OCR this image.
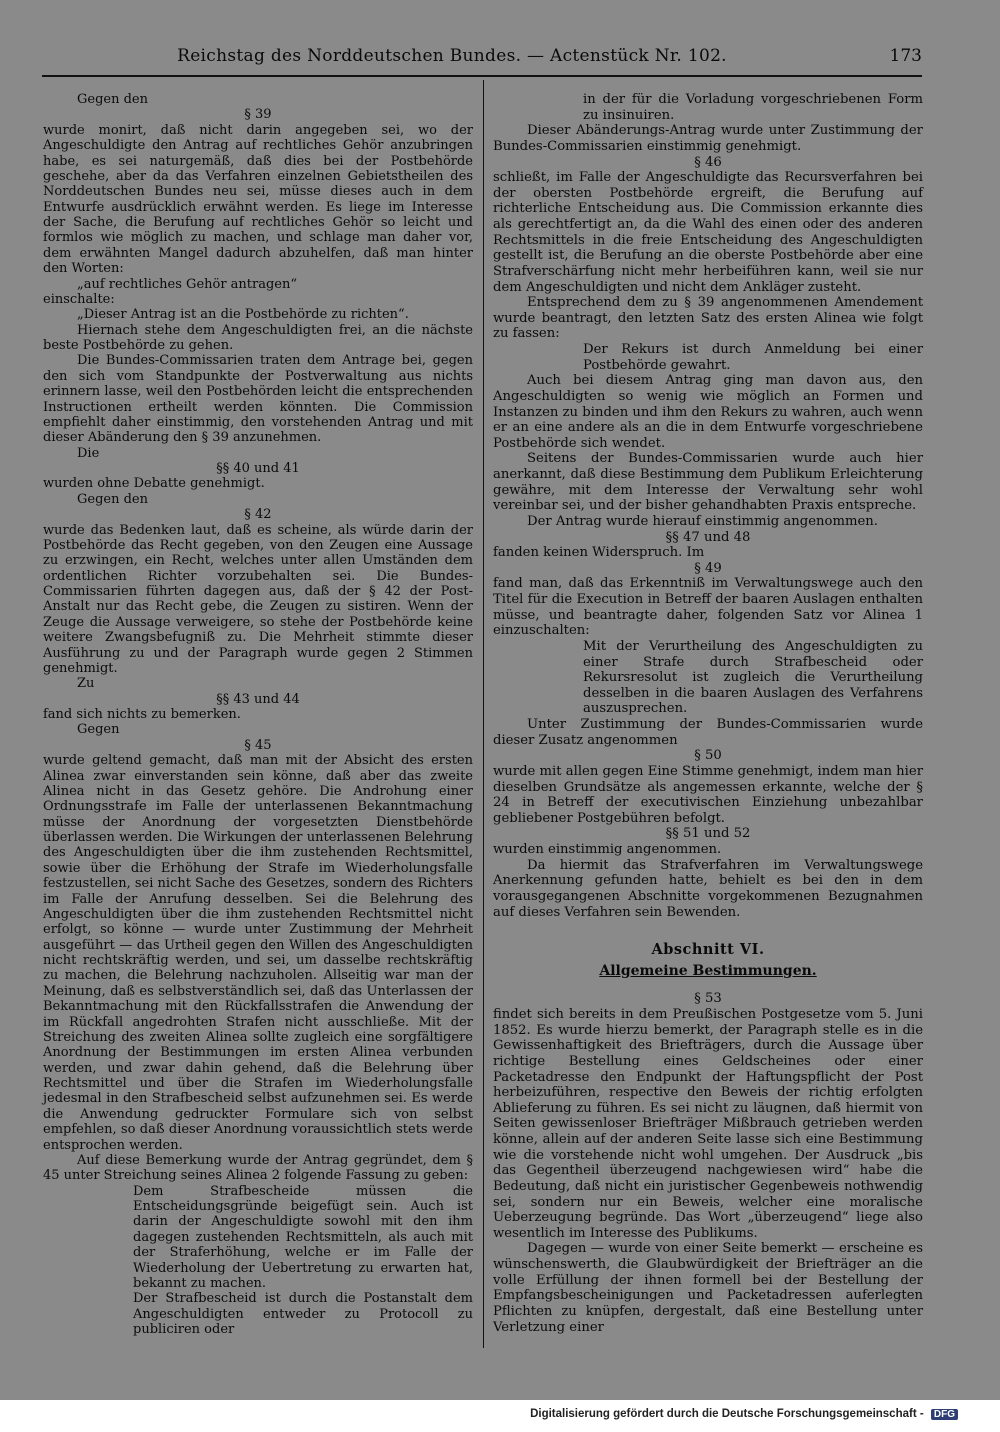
Reichstag des Norddeutschen Bundes. — Actenstück Nr. 102.	173

Gegen den

§ 39

wurde monirt, daß nicht darin angegeben sei, wo der Angeschuldigte den Antrag auf rechtliches Gehör anzubringen habe, es sei naturgemäß, daß dies bei der Postbehörde geschehe, aber da das Verfahren einzelnen Gebietstheilen des Norddeutschen Bundes neu sei, müsse dieses auch in dem Entwurfe ausdrücklich erwähnt werden. Es liege im Interesse der Sache, die Berufung auf rechtliches Gehör so leicht und formlos wie möglich zu machen, und schlage man daher vor, dem erwähnten Mangel dadurch abzuhelfen, daß man hinter den Worten:

„auf rechtliches Gehör antragen“

einschalte:

„Dieser Antrag ist an die Postbehörde zu richten“.

Hiernach stehe dem Angeschuldigten frei, an die nächste beste Postbehörde zu gehen.

Die Bundes-Commissarien traten dem Antrage bei, gegen den sich vom Standpunkte der Postverwaltung aus nichts erinnern lasse, weil den Postbehörden leicht die entsprechenden Instructionen ertheilt werden könnten. Die Commission empfiehlt daher einstimmig, den vorstehenden Antrag und mit dieser Abänderung den § 39 anzunehmen.

Die

§§ 40 und 41

wurden ohne Debatte genehmigt.

Gegen den

§ 42

wurde das Bedenken laut, daß es scheine, als würde darin der Postbehörde das Recht gegeben, von den Zeugen eine Aussage zu erzwingen, ein Recht, welches unter allen Umständen dem ordentlichen Richter vorzubehalten sei. Die Bundes-Commissarien führten dagegen aus, daß der § 42 der Post-Anstalt nur das Recht gebe, die Zeugen zu sistiren. Wenn der Zeuge die Aussage verweigere, so stehe der Postbehörde keine weitere Zwangsbefugniß zu. Die Mehrheit stimmte dieser Ausführung zu und der Paragraph wurde gegen 2 Stimmen genehmigt.

Zu

§§ 43 und 44

fand sich nichts zu bemerken.

Gegen

§ 45

wurde geltend gemacht, daß man mit der Absicht des ersten Alinea zwar einverstanden sein könne, daß aber das zweite Alinea nicht in das Gesetz gehöre. Die Androhung einer Ordnungsstrafe im Falle der unterlassenen Bekanntmachung müsse der Anordnung der vorgesetzten Dienstbehörde überlassen werden. Die Wirkungen der unterlassenen Belehrung des Angeschuldigten über die ihm zustehenden Rechtsmittel, sowie über die Erhöhung der Strafe im Wiederholungsfalle festzustellen, sei nicht Sache des Gesetzes, sondern des Richters im Falle der Anrufung desselben. Sei die Belehrung des Angeschuldigten über die ihm zustehenden Rechtsmittel nicht erfolgt, so könne — wurde unter Zustimmung der Mehrheit ausgeführt — das Urtheil gegen den Willen des Angeschuldigten nicht rechtskräftig werden, und sei, um dasselbe rechtskräftig zu machen, die Belehrung nachzuholen. Allseitig war man der Meinung, daß es selbstverständlich sei, daß das Unterlassen der Bekanntmachung mit den Rückfallsstrafen die Anwendung der im Rückfall angedrohten Strafen nicht ausschließe. Mit der Streichung des zweiten Alinea sollte zugleich eine sorgfältigere Anordnung der Bestimmungen im ersten Alinea verbunden werden, und zwar dahin gehend, daß die Belehrung über Rechtsmittel und über die Strafen im Wiederholungsfalle jedesmal in den Strafbescheid selbst aufzunehmen sei. Es werde die Anwendung gedruckter Formulare sich von selbst empfehlen, so daß dieser Anordnung voraussichtlich stets werde entsprochen werden.

Auf diese Bemerkung wurde der Antrag gegründet, dem § 45 unter Streichung seines Alinea 2 folgende Fassung zu geben:

Dem Strafbescheide müssen die Entscheidungsgründe beigefügt sein. Auch ist darin der Angeschuldigte sowohl mit den ihm dagegen zustehenden Rechtsmitteln, als auch mit der Straferhöhung, welche er im Falle der Wiederholung der Uebertretung zu erwarten hat, bekannt zu machen.

Der Strafbescheid ist durch die Postanstalt dem Angeschuldigten entweder zu Protocoll zu publiciren oder

in der für die Vorladung vorgeschriebenen Form zu insinuiren.

Dieser Abänderungs-Antrag wurde unter Zustimmung der Bundes-Commissarien einstimmig genehmigt.

§ 46

schließt, im Falle der Angeschuldigte das Recursverfahren bei der obersten Postbehörde ergreift, die Berufung auf richterliche Entscheidung aus. Die Commission erkannte dies als gerechtfertigt an, da die Wahl des einen oder des anderen Rechtsmittels in die freie Entscheidung des Angeschuldigten gestellt ist, die Berufung an die oberste Postbehörde aber eine Strafverschärfung nicht mehr herbeiführen kann, weil sie nur dem Angeschuldigten und nicht dem Ankläger zusteht.

Entsprechend dem zu § 39 angenommenen Amendement wurde beantragt, den letzten Satz des ersten Alinea wie folgt zu fassen:

Der Rekurs ist durch Anmeldung bei einer Postbehörde gewahrt.

Auch bei diesem Antrag ging man davon aus, den Angeschuldigten so wenig wie möglich an Formen und Instanzen zu binden und ihm den Rekurs zu wahren, auch wenn er an eine andere als an die in dem Entwurfe vorgeschriebene Postbehörde sich wendet.

Seitens der Bundes-Commissarien wurde auch hier anerkannt, daß diese Bestimmung dem Publikum Erleichterung gewähre, mit dem Interesse der Verwaltung sehr wohl vereinbar sei, und der bisher gehandhabten Praxis entspreche.

Der Antrag wurde hierauf einstimmig angenommen.

§§ 47 und 48

fanden keinen Widerspruch. Im

§ 49

fand man, daß das Erkenntniß im Verwaltungswege auch den Titel für die Execution in Betreff der baaren Auslagen enthalten müsse, und beantragte daher, folgenden Satz vor Alinea 1 einzuschalten:

Mit der Verurtheilung des Angeschuldigten zu einer Strafe durch Strafbescheid oder Rekursresolut ist zugleich die Verurtheilung desselben in die baaren Auslagen des Verfahrens auszusprechen.

Unter Zustimmung der Bundes-Commissarien wurde dieser Zusatz angenommen

§ 50

wurde mit allen gegen Eine Stimme genehmigt, indem man hier dieselben Grundsätze als angemessen erkannte, welche der § 24 in Betreff der executivischen Einziehung unbezahlbar gebliebener Postgebühren befolgt.

§§ 51 und 52

wurden einstimmig angenommen.

Da hiermit das Strafverfahren im Verwaltungswege Anerkennung gefunden hatte, behielt es bei den in dem vorausgegangenen Abschnitte vorgekommenen Bezugnahmen auf dieses Verfahren sein Bewenden.

Abschnitt VI.

Allgemeine Bestimmungen.

§ 53

findet sich bereits in dem Preußischen Postgesetze vom 5. Juni 1852. Es wurde hierzu bemerkt, der Paragraph stelle es in die Gewissenhaftigkeit des Briefträgers, durch die Aussage über richtige Bestellung eines Geldscheines oder einer Packetadresse den Endpunkt der Haftungspflicht der Post herbeizuführen, respective den Beweis der richtig erfolgten Ablieferung zu führen. Es sei nicht zu läugnen, daß hiermit von Seiten gewissenloser Briefträger Mißbrauch getrieben werden könne, allein auf der anderen Seite lasse sich eine Bestimmung wie die vorstehende nicht wohl umgehen. Der Ausdruck „bis das Gegentheil überzeugend nachgewiesen wird“ habe die Bedeutung, daß nicht ein juristischer Gegenbeweis nothwendig sei, sondern nur ein Beweis, welcher eine moralische Ueberzeugung begründe. Das Wort „überzeugend“ liege also wesentlich im Interesse des Publikums.

Dagegen — wurde von einer Seite bemerkt — erscheine es wünschenswerth, die Glaubwürdigkeit der Briefträger an die volle Erfüllung der ihnen formell bei der Bestellung der Empfangsbescheinigungen und Packetadressen auferlegten Pflichten zu knüpfen, dergestalt, daß eine Bestellung unter Verletzung einer

Digitalisierung gefördert durch die Deutsche Forschungsgemeinschaft - DFG
